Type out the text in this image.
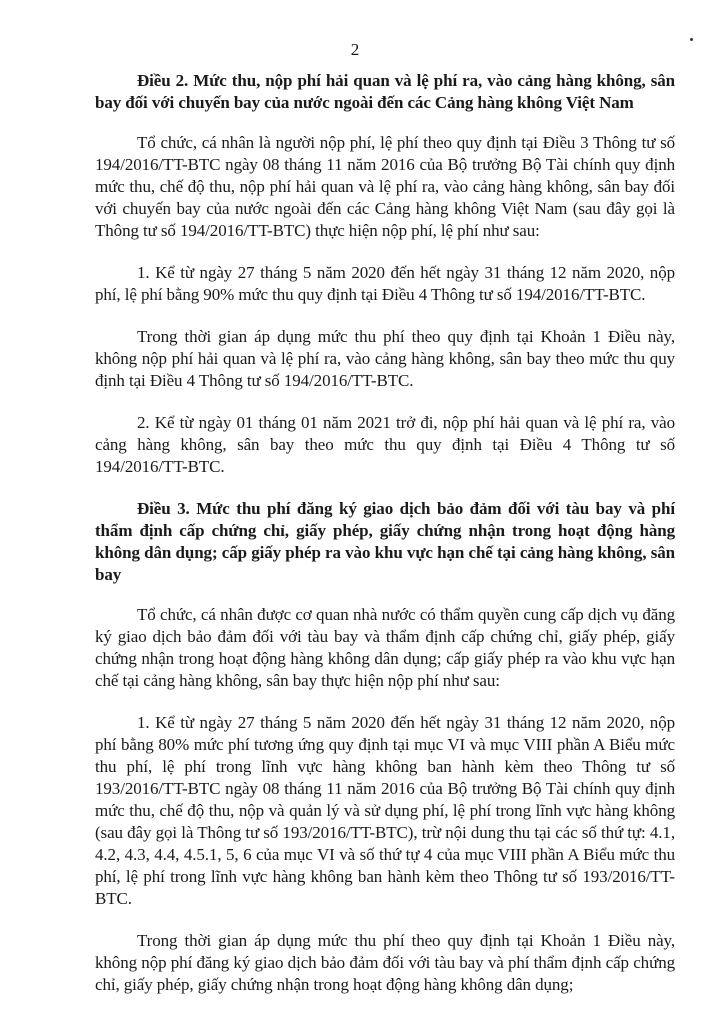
2

Điều 2. Mức thu, nộp phí hải quan và lệ phí ra, vào cảng hàng không, sân bay đối với chuyến bay của nước ngoài đến các Cảng hàng không Việt Nam

Tổ chức, cá nhân là người nộp phí, lệ phí theo quy định tại Điều 3 Thông tư số 194/2016/TT-BTC ngày 08 tháng 11 năm 2016 của Bộ trưởng Bộ Tài chính quy định mức thu, chế độ thu, nộp phí hải quan và lệ phí ra, vào cảng hàng không, sân bay đối với chuyến bay của nước ngoài đến các Cảng hàng không Việt Nam (sau đây gọi là Thông tư số 194/2016/TT-BTC) thực hiện nộp phí, lệ phí như sau:

1. Kể từ ngày 27 tháng 5 năm 2020 đến hết ngày 31 tháng 12 năm 2020, nộp phí, lệ phí bằng 90% mức thu quy định tại Điều 4 Thông tư số 194/2016/TT-BTC.

Trong thời gian áp dụng mức thu phí theo quy định tại Khoản 1 Điều này, không nộp phí hải quan và lệ phí ra, vào cảng hàng không, sân bay theo mức thu quy định tại Điều 4 Thông tư số 194/2016/TT-BTC.

2. Kể từ ngày 01 tháng 01 năm 2021 trở đi, nộp phí hải quan và lệ phí ra, vào cảng hàng không, sân bay theo mức thu quy định tại Điều 4 Thông tư số 194/2016/TT-BTC.

Điều 3. Mức thu phí đăng ký giao dịch bảo đảm đối với tàu bay và phí thẩm định cấp chứng chỉ, giấy phép, giấy chứng nhận trong hoạt động hàng không dân dụng; cấp giấy phép ra vào khu vực hạn chế tại cảng hàng không, sân bay

Tổ chức, cá nhân được cơ quan nhà nước có thẩm quyền cung cấp dịch vụ đăng ký giao dịch bảo đảm đối với tàu bay và thẩm định cấp chứng chỉ, giấy phép, giấy chứng nhận trong hoạt động hàng không dân dụng; cấp giấy phép ra vào khu vực hạn chế tại cảng hàng không, sân bay thực hiện nộp phí như sau:

1. Kể từ ngày 27 tháng 5 năm 2020 đến hết ngày 31 tháng 12 năm 2020, nộp phí bằng 80% mức phí tương ứng quy định tại mục VI và mục VIII phần A Biểu mức thu phí, lệ phí trong lĩnh vực hàng không ban hành kèm theo Thông tư số 193/2016/TT-BTC ngày 08 tháng 11 năm 2016 của Bộ trưởng Bộ Tài chính quy định mức thu, chế độ thu, nộp và quản lý và sử dụng phí, lệ phí trong lĩnh vực hàng không (sau đây gọi là Thông tư số 193/2016/TT-BTC), trừ nội dung thu tại các số thứ tự: 4.1, 4.2, 4.3, 4.4, 4.5.1, 5, 6 của mục VI và số thứ tự 4 của mục VIII phần A Biểu mức thu phí, lệ phí trong lĩnh vực hàng không ban hành kèm theo Thông tư số 193/2016/TT-BTC.

Trong thời gian áp dụng mức thu phí theo quy định tại Khoản 1 Điều này, không nộp phí đăng ký giao dịch bảo đảm đối với tàu bay và phí thẩm định cấp chứng chỉ, giấy phép, giấy chứng nhận trong hoạt động hàng không dân dụng;
